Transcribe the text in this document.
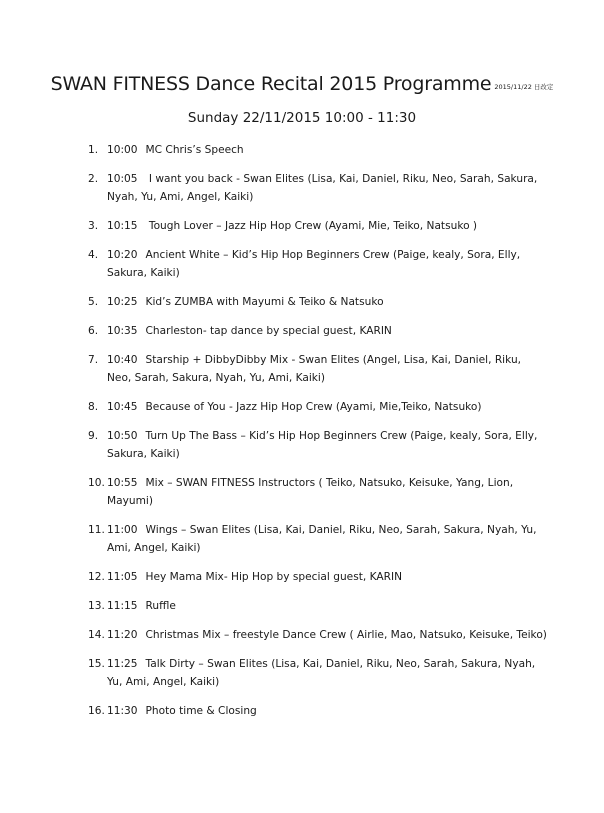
SWAN FITNESS Dance Recital 2015 Programme 2015/11/22 日改定
Sunday 22/11/2015 10:00 - 11:30
1. 10:00 MC Chris’s Speech
2. 10:05 I want you back - Swan Elites (Lisa, Kai, Daniel, Riku, Neo, Sarah, Sakura, Nyah, Yu, Ami, Angel, Kaiki)
3. 10:15 Tough Lover – Jazz Hip Hop Crew (Ayami, Mie, Teiko, Natsuko )
4. 10:20 Ancient White – Kid’s Hip Hop Beginners Crew (Paige, kealy, Sora, Elly, Sakura, Kaiki)
5. 10:25 Kid’s ZUMBA with Mayumi & Teiko & Natsuko
6. 10:35 Charleston- tap dance by special guest, KARIN
7. 10:40 Starship + DibbyDibby Mix - Swan Elites (Angel, Lisa, Kai, Daniel, Riku, Neo, Sarah, Sakura, Nyah, Yu, Ami, Kaiki)
8. 10:45 Because of You - Jazz Hip Hop Crew (Ayami, Mie,Teiko, Natsuko)
9. 10:50 Turn Up The Bass – Kid’s Hip Hop Beginners Crew (Paige, kealy, Sora, Elly, Sakura, Kaiki)
10. 10:55 Mix – SWAN FITNESS Instructors ( Teiko, Natsuko, Keisuke, Yang, Lion, Mayumi)
11. 11:00 Wings – Swan Elites (Lisa, Kai, Daniel, Riku, Neo, Sarah, Sakura, Nyah, Yu, Ami, Angel, Kaiki)
12. 11:05 Hey Mama Mix- Hip Hop by special guest, KARIN
13. 11:15 Ruffle
14. 11:20 Christmas Mix – freestyle Dance Crew ( Airlie, Mao, Natsuko, Keisuke, Teiko)
15. 11:25 Talk Dirty – Swan Elites (Lisa, Kai, Daniel, Riku, Neo, Sarah, Sakura, Nyah, Yu, Ami, Angel, Kaiki)
16. 11:30 Photo time & Closing
